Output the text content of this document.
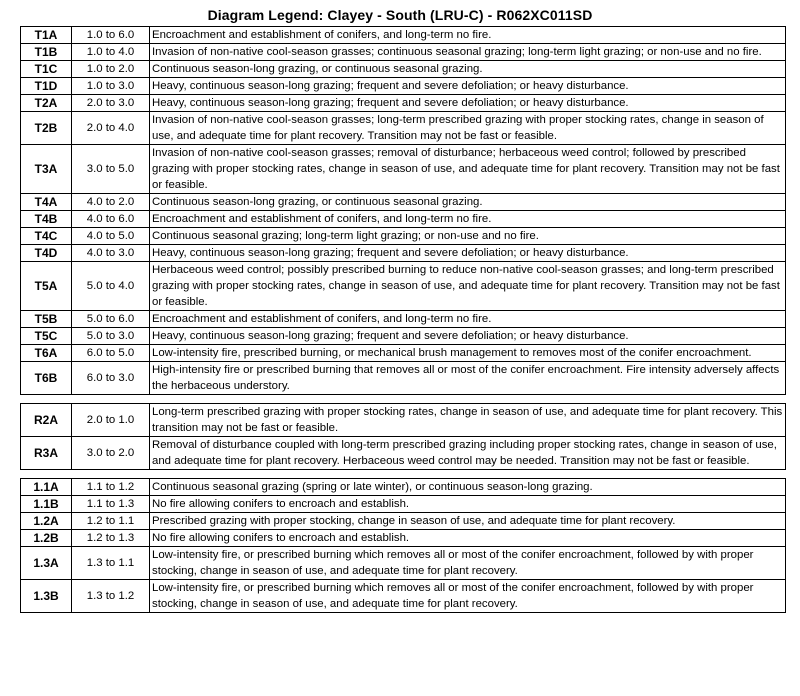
Diagram Legend: Clayey - South (LRU-C) - R062XC011SD
T1A	1.0 to 6.0	Encroachment and establishment of conifers, and long-term no fire.
T1B	1.0 to 4.0	Invasion of non-native cool-season grasses; continuous seasonal grazing; long-term light grazing; or non-use and no fire.
T1C	1.0 to 2.0	Continuous season-long grazing, or continuous seasonal grazing.
T1D	1.0 to 3.0	Heavy, continuous season-long grazing; frequent and severe defoliation; or heavy disturbance.
T2A	2.0 to 3.0	Heavy, continuous season-long grazing; frequent and severe defoliation; or heavy disturbance.
T2B	2.0 to 4.0	Invasion of non-native cool-season grasses; long-term prescribed grazing with proper stocking rates, change in season of use, and adequate time for plant recovery. Transition may not be fast or feasible.
T3A	3.0 to 5.0	Invasion of non-native cool-season grasses; removal of disturbance; herbaceous weed control; followed by prescribed grazing with proper stocking rates, change in season of use, and adequate time for plant recovery. Transition may not be fast or feasible.
T4A	4.0 to 2.0	Continuous season-long grazing, or continuous seasonal grazing.
T4B	4.0 to 6.0	Encroachment and establishment of conifers, and long-term no fire.
T4C	4.0 to 5.0	Continuous seasonal grazing; long-term light grazing; or non-use and no fire.
T4D	4.0 to 3.0	Heavy, continuous season-long grazing; frequent and severe defoliation; or heavy disturbance.
T5A	5.0 to 4.0	Herbaceous weed control; possibly prescribed burning to reduce non-native cool-season grasses; and long-term prescribed grazing with proper stocking rates, change in season of use, and adequate time for plant recovery. Transition may not be fast or feasible.
T5B	5.0 to 6.0	Encroachment and establishment of conifers, and long-term no fire.
T5C	5.0 to 3.0	Heavy, continuous season-long grazing; frequent and severe defoliation; or heavy disturbance.
T6A	6.0 to 5.0	Low-intensity fire, prescribed burning, or mechanical brush management to removes most of the conifer encroachment.
T6B	6.0 to 3.0	High-intensity fire or prescribed burning that removes all or most of the conifer encroachment. Fire intensity adversely affects the herbaceous understory.
R2A	2.0 to 1.0	Long-term prescribed grazing with proper stocking rates, change in season of use, and adequate time for plant recovery. This transition may not be fast or feasible.
R3A	3.0 to 2.0	Removal of disturbance coupled with long-term prescribed grazing including proper stocking rates, change in season of use, and adequate time for plant recovery. Herbaceous weed control may be needed. Transition may not be fast or feasible.
1.1A	1.1 to 1.2	Continuous seasonal grazing (spring or late winter), or continuous season-long grazing.
1.1B	1.1 to 1.3	No fire allowing conifers to encroach and establish.
1.2A	1.2 to 1.1	Prescribed grazing with proper stocking, change in season of use, and adequate time for plant recovery.
1.2B	1.2 to 1.3	No fire allowing conifers to encroach and establish.
1.3A	1.3 to 1.1	Low-intensity fire, or prescribed burning which removes all or most of the conifer encroachment, followed by with proper stocking, change in season of use, and adequate time for plant recovery.
1.3B	1.3 to 1.2	Low-intensity fire, or prescribed burning which removes all or most of the conifer encroachment, followed by with proper stocking, change in season of use, and adequate time for plant recovery.
